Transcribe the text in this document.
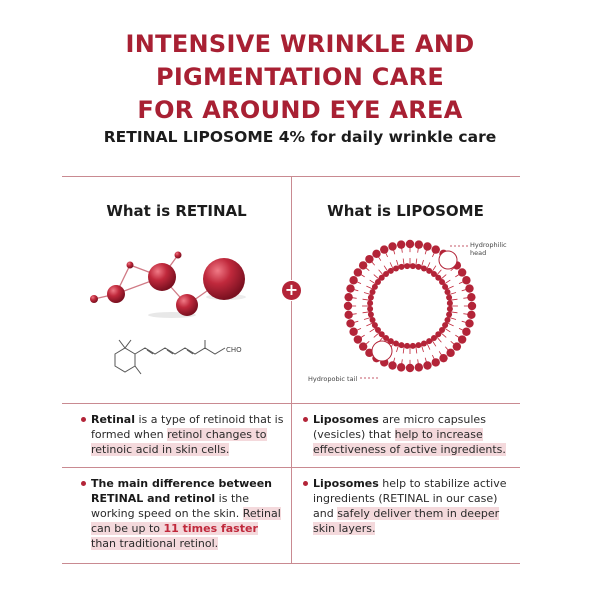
INTENSIVE WRINKLE AND
PIGMENTATION CARE
FOR AROUND EYE AREA
RETINAL LIPOSOME 4% for daily wrinkle care
What is RETINAL	What is LIPOSOME
+
CHO
Hydrophilic head
Hydropobic tail
Retinal is a type of retinoid that is formed when retinol changes to retinoic acid in skin cells.
The main difference between RETINAL and retinol is the working speed on the skin. Retinal can be up to 11 times faster than traditional retinol.
Liposomes are micro capsules (vesicles) that help to increase effectiveness of active ingredients.
Liposomes help to stabilize active ingredients (RETINAL in our case) and safely deliver them in deeper skin layers.
